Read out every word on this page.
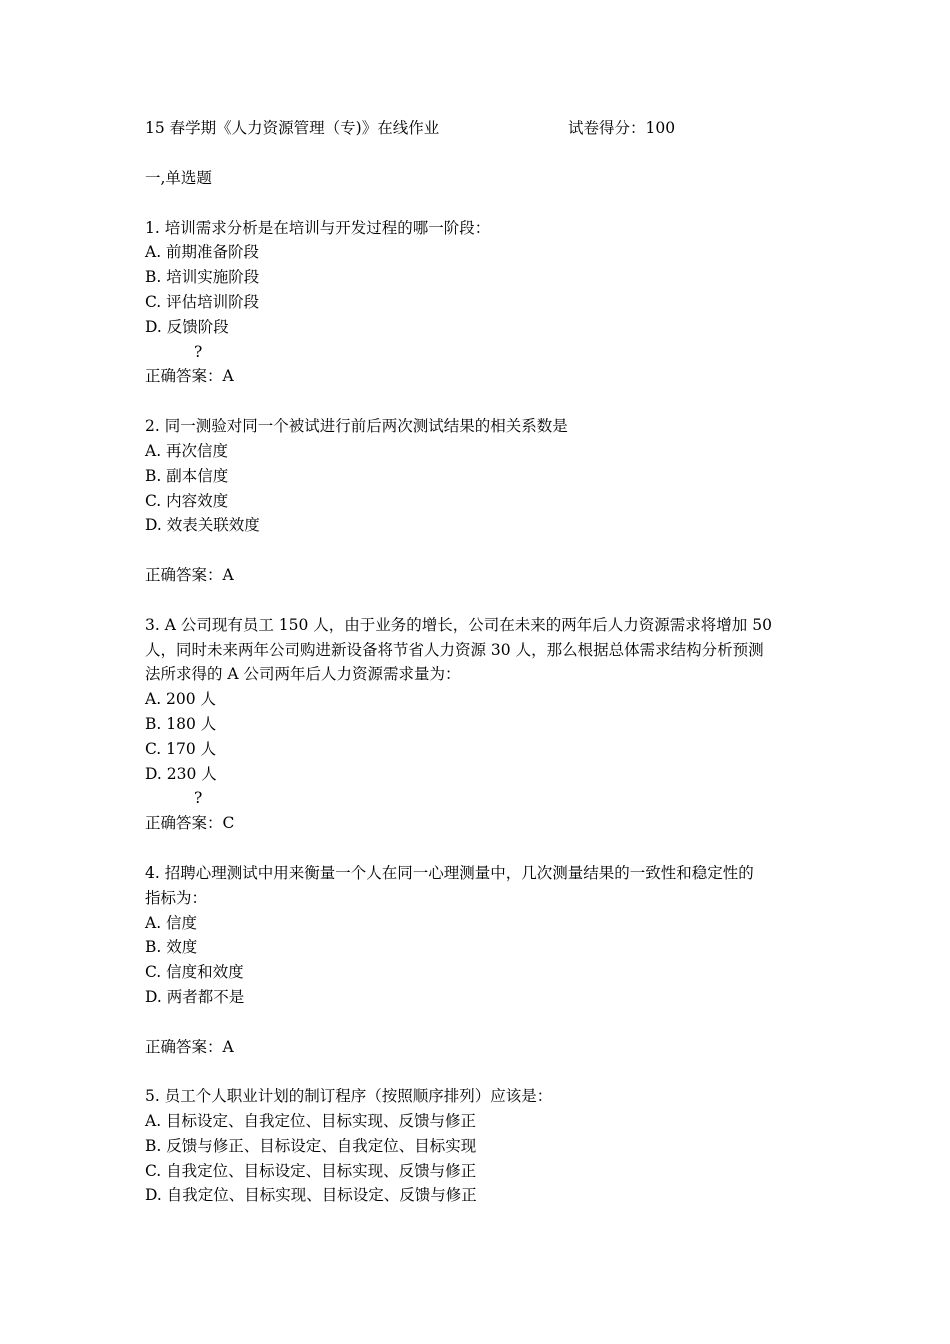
15 春学期《人力资源管理（专)》在线作业	试卷得分：100
一,单选题
1. 培训需求分析是在培训与开发过程的哪一阶段：
A. 前期准备阶段
B. 培训实施阶段
C. 评估培训阶段
D. 反馈阶段
?
正确答案：A
2. 同一测验对同一个被试进行前后两次测试结果的相关系数是
A. 再次信度
B. 副本信度
C. 内容效度
D. 效表关联效度
正确答案：A
3. A 公司现有员工 150 人，由于业务的增长，公司在未来的两年后人力资源需求将增加 50
人，同时未来两年公司购进新设备将节省人力资源 30 人，那么根据总体需求结构分析预测
法所求得的 A 公司两年后人力资源需求量为：
A. 200 人
B. 180 人
C. 170 人
D. 230 人
?
正确答案：C
4. 招聘心理测试中用来衡量一个人在同一心理测量中，几次测量结果的一致性和稳定性的
指标为：
A. 信度
B. 效度
C. 信度和效度
D. 两者都不是
正确答案：A
5. 员工个人职业计划的制订程序（按照顺序排列）应该是：
A. 目标设定、自我定位、目标实现、反馈与修正
B. 反馈与修正、目标设定、自我定位、目标实现
C. 自我定位、目标设定、目标实现、反馈与修正
D. 自我定位、目标实现、目标设定、反馈与修正
